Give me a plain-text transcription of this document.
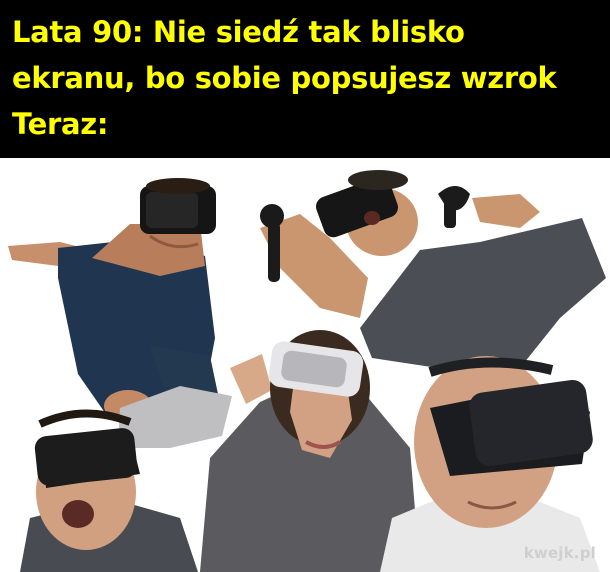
Lata 90: Nie siedź tak blisko
ekranu, bo sobie popsujesz wzrok
Teraz:
kwejk.pl
